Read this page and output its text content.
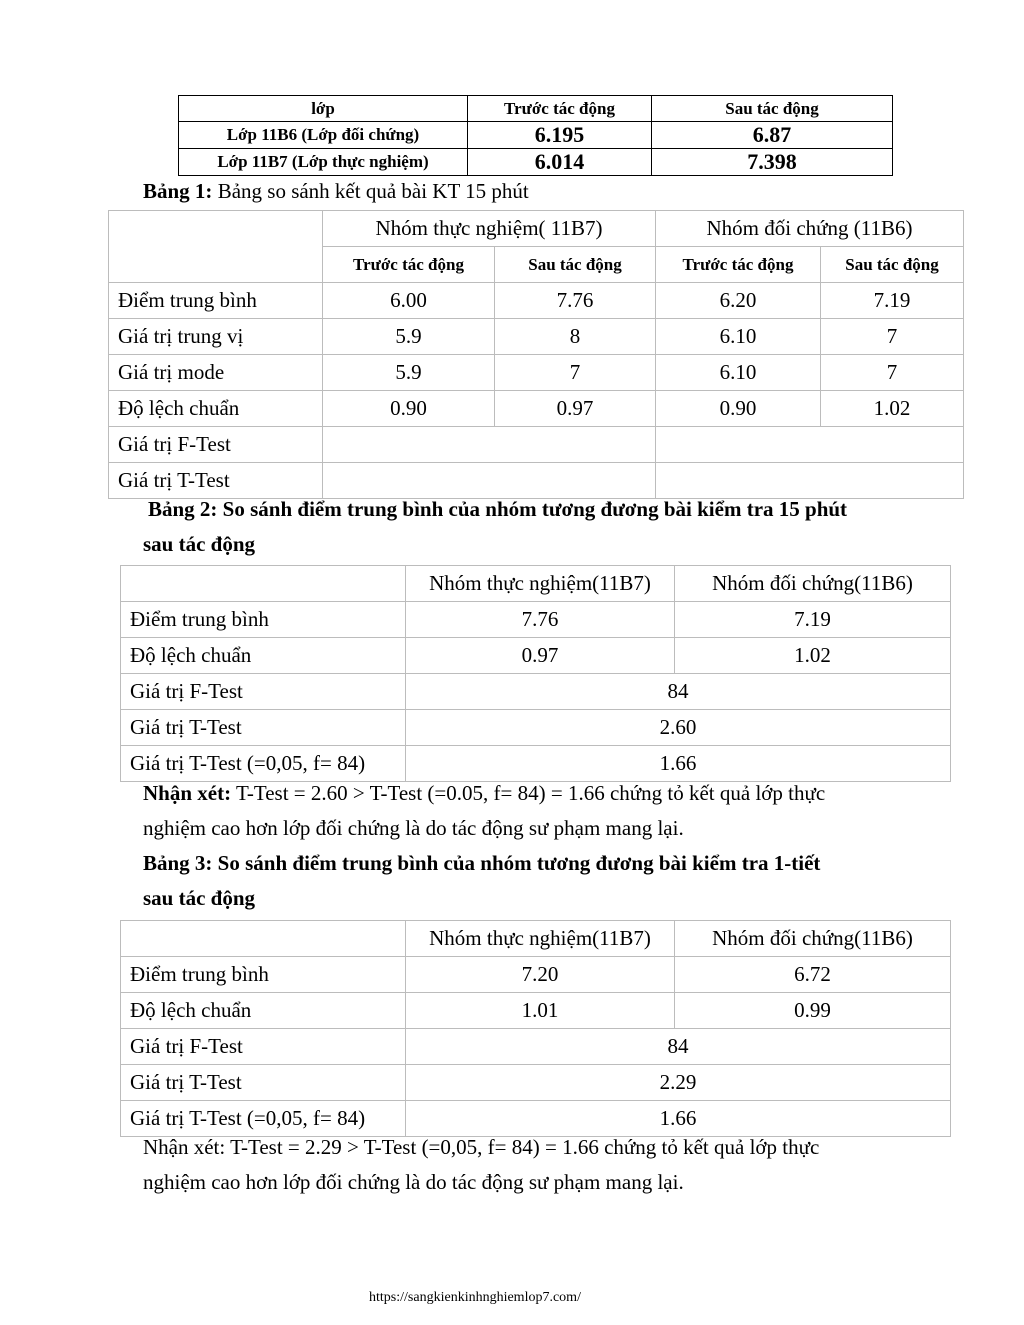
lớp	Trước tác động	Sau tác động
Lớp 11B6 (Lớp đối chứng)	6.195	6.87
Lớp 11B7 (Lớp thực nghiệm)	6.014	7.398
Bảng 1: Bảng so sánh kết quả bài KT 15 phút
	Nhóm thực nghiệm( 11B7)		Nhóm đối chứng (11B6)	
	Trước tác động	Sau tác động	Trước tác động	Sau tác động
Điểm trung bình	6.00	7.76	6.20	7.19
Giá trị trung vị	5.9	8	6.10	7
Giá trị mode	5.9	7	6.10	7
Độ lệch chuẩn	0.90	0.97	0.90	1.02
Giá trị F-Test				
Giá trị T-Test				
Bảng 2: So sánh điểm trung bình của nhóm tương đương bài kiểm tra 15 phút
sau tác động
	Nhóm thực nghiệm(11B7)	Nhóm đối chứng(11B6)
Điểm trung bình	7.76	7.19
Độ lệch chuẩn	0.97	1.02
Giá trị F-Test	84	
Giá trị T-Test	2.60	
Giá trị T-Test (=0,05, f= 84)	1.66	
Nhận xét: T-Test = 2.60 > T-Test (=0.05, f= 84) = 1.66 chứng tỏ kết quả lớp thực
nghiệm cao hơn lớp đối chứng là do tác động sư phạm mang lại.
Bảng 3: So sánh điểm trung bình của nhóm tương đương bài kiểm tra 1-tiết
sau tác động
	Nhóm thực nghiệm(11B7)	Nhóm đối chứng(11B6)
Điểm trung bình	7.20	6.72
Độ lệch chuẩn	1.01	0.99
Giá trị F-Test	84	
Giá trị T-Test	2.29	
Giá trị T-Test (=0,05, f= 84)	1.66	
Nhận xét: T-Test = 2.29 > T-Test (=0,05, f= 84) = 1.66 chứng tỏ kết quả lớp thực
nghiệm cao hơn lớp đối chứng là do tác động sư phạm mang lại.
https://sangkienkinhnghiemlop7.com/
